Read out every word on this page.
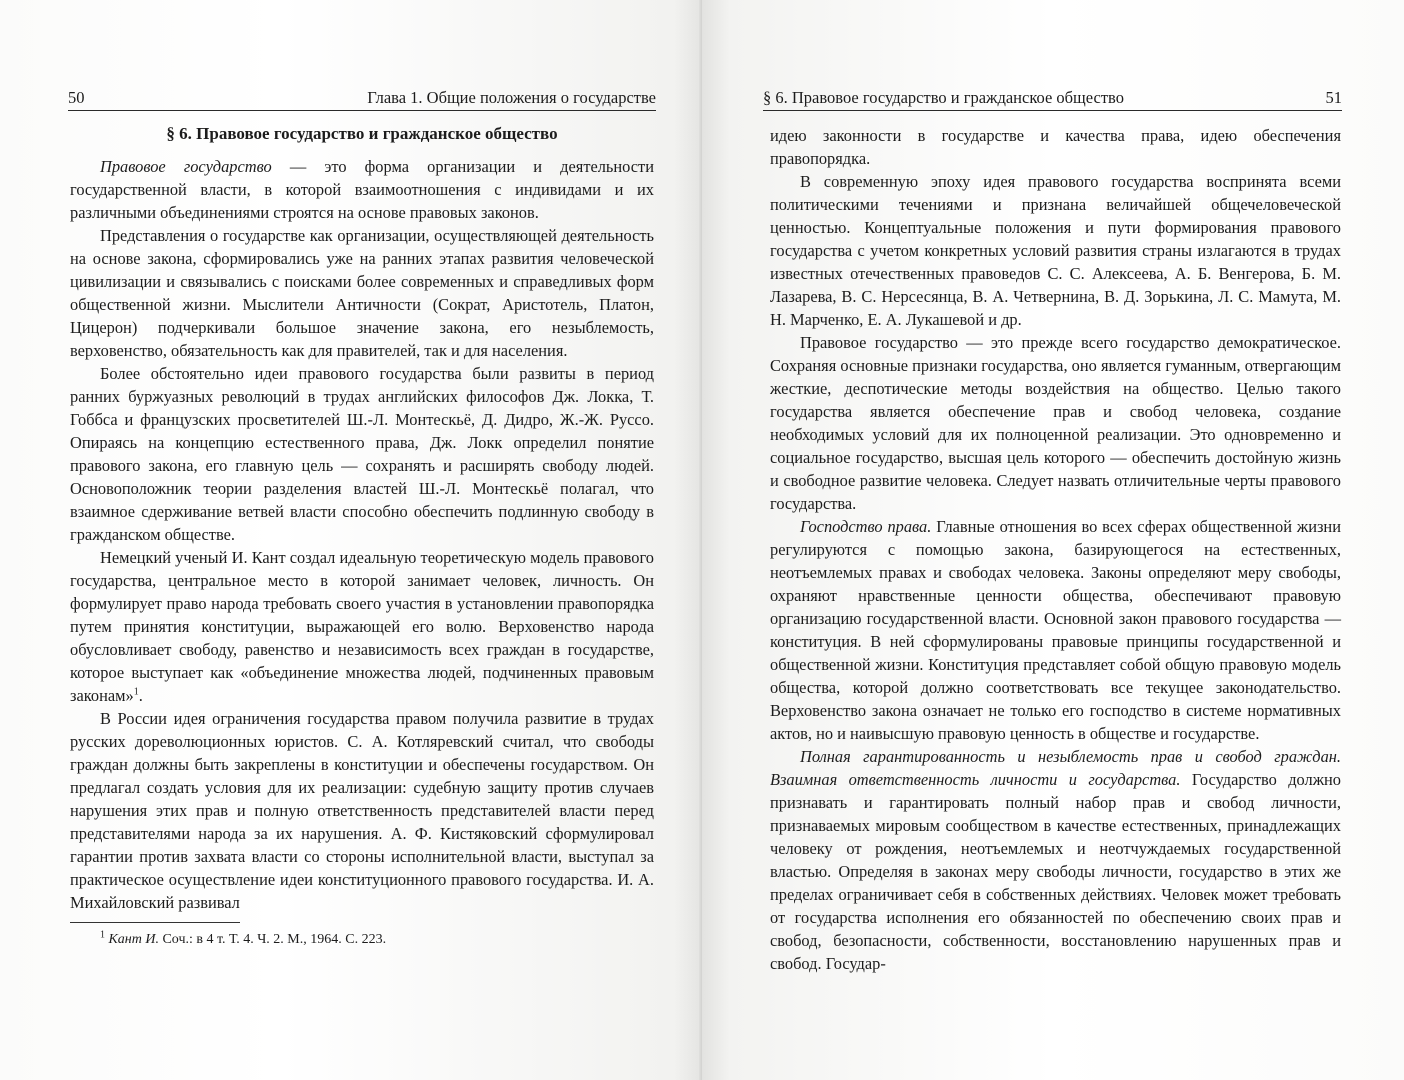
50	Глава 1. Общие положения о государстве

§ 6. Правовое государство и гражданское общество

Правовое государство — это форма организации и деятельности государственной власти, в которой взаимоотношения с индивидами и их различными объединениями строятся на основе правовых законов.

Представления о государстве как организации, осуществляющей деятельность на основе закона, сформировались уже на ранних этапах развития человеческой цивилизации и связывались с поисками более современных и справедливых форм общественной жизни. Мыслители Античности (Сократ, Аристотель, Платон, Цицерон) подчеркивали большое значение закона, его незыблемость, верховенство, обязательность как для правителей, так и для населения.

Более обстоятельно идеи правового государства были развиты в период ранних буржуазных революций в трудах английских философов Дж. Локка, Т. Гоббса и французских просветителей Ш.-Л. Монтескьё, Д. Дидро, Ж.-Ж. Руссо. Опираясь на концепцию естественного права, Дж. Локк определил понятие правового закона, его главную цель — сохранять и расширять свободу людей. Основоположник теории разделения властей Ш.-Л. Монтескьё полагал, что взаимное сдерживание ветвей власти способно обеспечить подлинную свободу в гражданском обществе.

Немецкий ученый И. Кант создал идеальную теоретическую модель правового государства, центральное место в которой занимает человек, личность. Он формулирует право народа требовать своего участия в установлении правопорядка путем принятия конституции, выражающей его волю. Верховенство народа обусловливает свободу, равенство и независимость всех граждан в государстве, которое выступает как «объединение множества людей, подчиненных правовым законам»$^1$.

В России идея ограничения государства правом получила развитие в трудах русских дореволюционных юристов. С. А. Котляревский считал, что свободы граждан должны быть закреплены в конституции и обеспечены государством. Он предлагал создать условия для их реализации: судебную защиту против случаев нарушения этих прав и полную ответственность представителей власти перед представителями народа за их нарушения. А. Ф. Кистяковский сформулировал гарантии против захвата власти со стороны исполнительной власти, выступал за практическое осуществление идеи конституционного правового государства. И. А. Михайловский развивал

$^1$ Кант И. Соч.: в 4 т. Т. 4. Ч. 2. М., 1964. С. 223.

§ 6. Правовое государство и гражданское общество	51

идею законности в государстве и качества права, идею обеспечения правопорядка.

В современную эпоху идея правового государства воспринята всеми политическими течениями и признана величайшей общечеловеческой ценностью. Концептуальные положения и пути формирования правового государства с учетом конкретных условий развития страны излагаются в трудах известных отечественных правоведов С. С. Алексеева, А. Б. Венгерова, Б. М. Лазарева, В. С. Нерсесянца, В. А. Четвернина, В. Д. Зорькина, Л. С. Мамута, М. Н. Марченко, Е. А. Лукашевой и др.

Правовое государство — это прежде всего государство демократическое. Сохраняя основные признаки государства, оно является гуманным, отвергающим жесткие, деспотические методы воздействия на общество. Целью такого государства является обеспечение прав и свобод человека, создание необходимых условий для их полноценной реализации. Это одновременно и социальное государство, высшая цель которого — обеспечить достойную жизнь и свободное развитие человека. Следует назвать отличительные черты правового государства.

Господство права. Главные отношения во всех сферах общественной жизни регулируются с помощью закона, базирующегося на естественных, неотъемлемых правах и свободах человека. Законы определяют меру свободы, охраняют нравственные ценности общества, обеспечивают правовую организацию государственной власти. Основной закон правового государства — конституция. В ней сформулированы правовые принципы государственной и общественной жизни. Конституция представляет собой общую правовую модель общества, которой должно соответствовать все текущее законодательство. Верховенство закона означает не только его господство в системе нормативных актов, но и наивысшую правовую ценность в обществе и государстве.

Полная гарантированность и незыблемость прав и свобод граждан. Взаимная ответственность личности и государства. Государство должно признавать и гарантировать полный набор прав и свобод личности, признаваемых мировым сообществом в качестве естественных, принадлежащих человеку от рождения, неотъемлемых и неотчуждаемых государственной властью. Определяя в законах меру свободы личности, государство в этих же пределах ограничивает себя в собственных действиях. Человек может требовать от государства исполнения его обязанностей по обеспечению своих прав и свобод, безопасности, собственности, восстановлению нарушенных прав и свобод. Государ-
